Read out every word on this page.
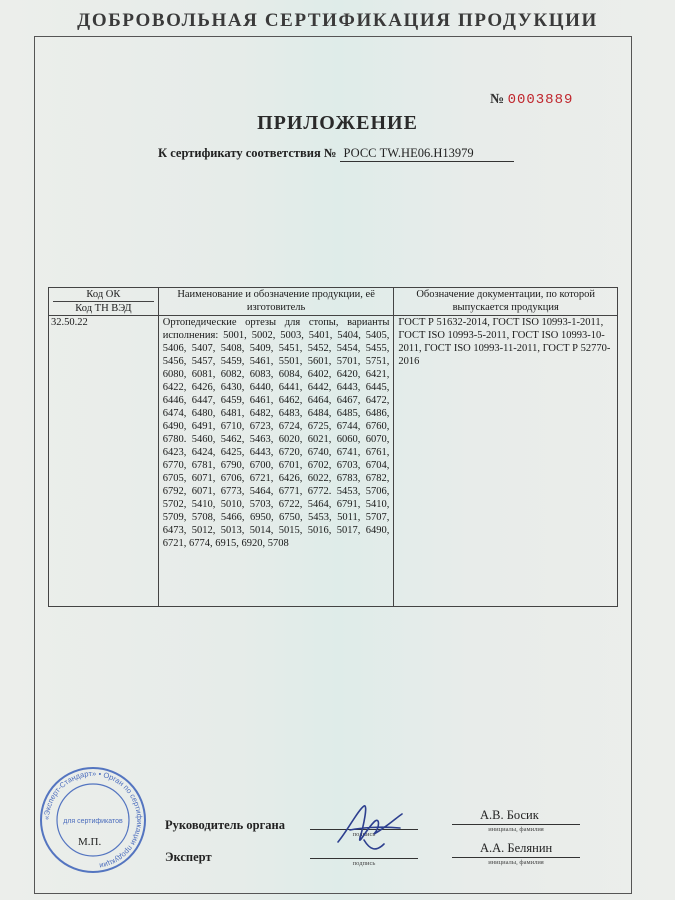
ДОБРОВОЛЬНАЯ СЕРТИФИКАЦИЯ ПРОДУКЦИИ
№ 0003889
ПРИЛОЖЕНИЕ
К сертификату соответствия № РОСС TW.HE06.H13979
Код ОК
Код ТН ВЭД	Наименование и обозначение продукции, её изготовитель	Обозначение документации, по которой выпускается продукция
32.50.22	Ортопедические ортезы для стопы, варианты исполнения: 5001, 5002, 5003, 5401, 5404, 5405, 5406, 5407, 5408, 5409, 5451, 5452, 5454, 5455, 5456, 5457, 5459, 5461, 5501, 5601, 5701, 5751, 6080, 6081, 6082, 6083, 6084, 6402, 6420, 6421, 6422, 6426, 6430, 6440, 6441, 6442, 6443, 6445, 6446, 6447, 6459, 6461, 6462, 6464, 6467, 6472, 6474, 6480, 6481, 6482, 6483, 6484, 6485, 6486, 6490, 6491, 6710, 6723, 6724, 6725, 6744, 6760, 6780. 5460, 5462, 5463, 6020, 6021, 6060, 6070, 6423, 6424, 6425, 6443, 6720, 6740, 6741, 6761, 6770, 6781, 6790, 6700, 6701, 6702, 6703, 6704, 6705, 6071, 6706, 6721, 6426, 6022, 6783, 6782, 6792, 6071, 6773, 5464, 6771, 6772. 5453, 5706, 5702, 5410, 5010, 5703, 6722, 5464, 6791, 5410, 5709, 5708, 5466, 6950, 6750, 5453, 5011, 5707, 6473, 5012, 5013, 5014, 5015, 5016, 5017, 6490, 6721, 6774, 6915, 6920, 5708	ГОСТ Р 51632-2014, ГОСТ ISO 10993-1-2011, ГОСТ ISO 10993-5-2011, ГОСТ ISO 10993-10-2011, ГОСТ ISO 10993-11-2011, ГОСТ Р 52770-2016
«Эксперт-Стандарт» • Орган по сертификации продукции
для сертификатов	Руководитель органа
подпись
А.В. Босик
инициалы, фамилия
Эксперт	подпись
А.А. Белянин
инициалы, фамилия
М.П.
